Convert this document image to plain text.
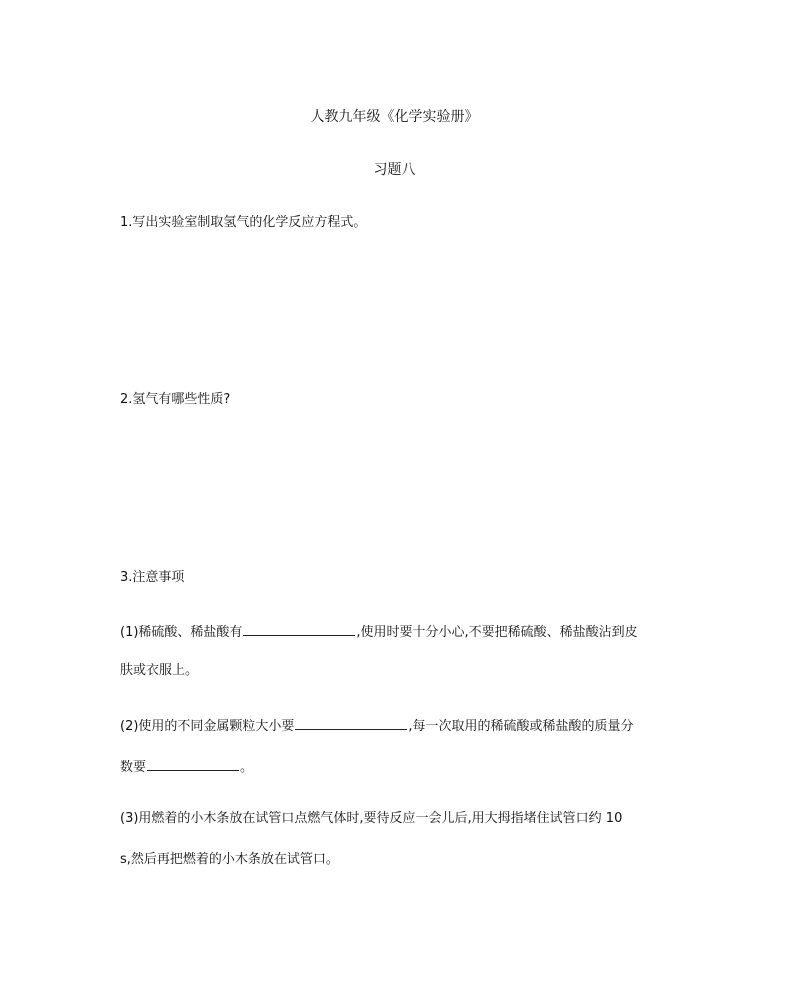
人教九年级《化学实验册》
习题八
1.写出实验室制取氢气的化学反应方程式。
2.氢气有哪些性质?
3.注意事项
(1)稀硫酸、稀盐酸有	,使用时要十分小心,不要把稀硫酸、稀盐酸沾到皮
肤或衣服上。
(2)使用的不同金属颗粒大小要	,每一次取用的稀硫酸或稀盐酸的质量分
数要	。
(3)用燃着的小木条放在试管口点燃气体时,要待反应一会儿后,用大拇指堵住试管口约 10
s,然后再把燃着的小木条放在试管口。
